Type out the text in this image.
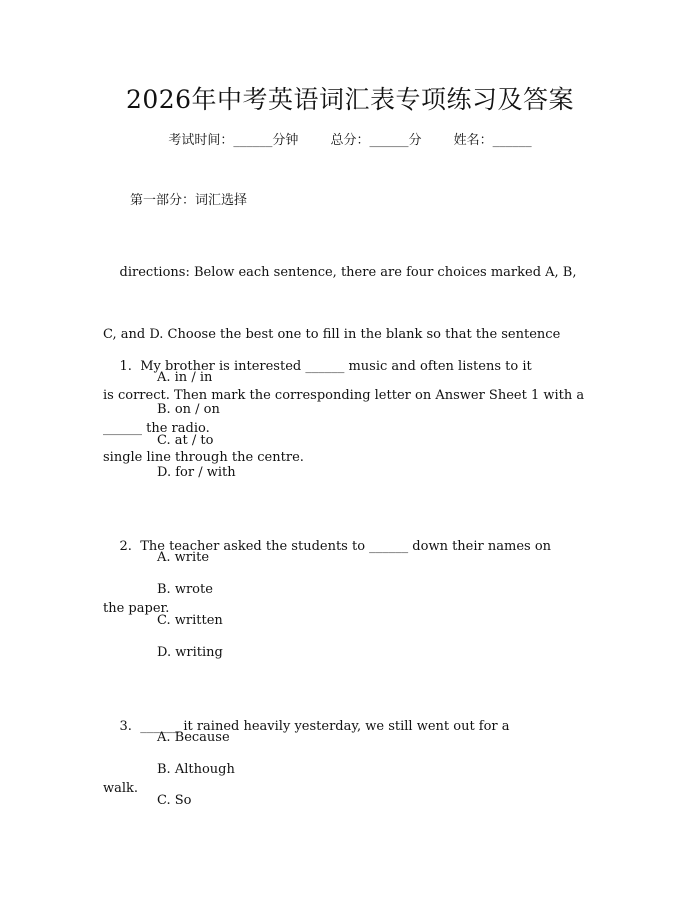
2026年中考英语词汇表专项练习及答案
考试时间：______分钟 总分：______分 姓名：______
第一部分：词汇选择

directions: Below each sentence, there are four choices marked A, B,

C, and D. Choose the best one to fill in the blank so that the sentence

is correct. Then mark the corresponding letter on Answer Sheet 1 with a

single line through the centre.

1.  My brother is interested ______ music and often listens to it

______ the radio.

A. in / in
B. on / on
C. at / to
D. for / with

2.  The teacher asked the students to ______ down their names on

the paper.

A. write
B. wrote
C. written
D. writing

3.  ______ it rained heavily yesterday, we still went out for a

walk.

A. Because
B. Although
C. So
